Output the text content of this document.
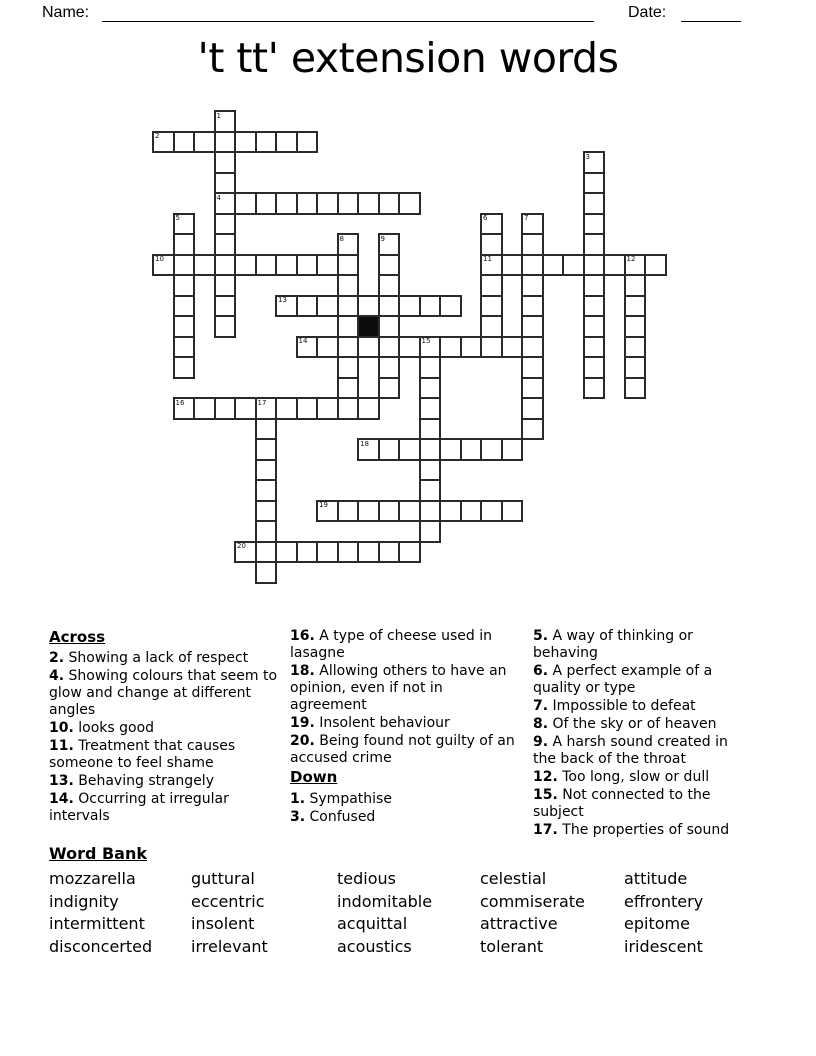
Name:	Date:
't tt' extension words
1
2
3
4
5	6	7
8	9
10	11	12
13
14	15
16	17
18
19
20
Across

2. Showing a lack of respect

4. Showing colours that seem to glow and change at different angles

10. looks good

11. Treatment that causes someone to feel shame

13. Behaving strangely

14. Occurring at irregular intervals

16. A type of cheese used in lasagne

18. Allowing others to have an opinion, even if not in agreement

19. Insolent behaviour

20. Being found not guilty of an accused crime

Down

1. Sympathise

3. Confused

5. A way of thinking or behaving

6. A perfect example of a quality or type

7. Impossible to defeat

8. Of the sky or of heaven

9. A harsh sound created in the back of the throat

12. Too long, slow or dull

15. Not connected to the subject

17. The properties of sound

Word Bank
mozzarella	guttural	tedious	celestial	attitude
indignity	eccentric	indomitable	commiserate	effrontery
intermittent	insolent	acquittal	attractive	epitome
disconcerted	irrelevant	acoustics	tolerant	iridescent
